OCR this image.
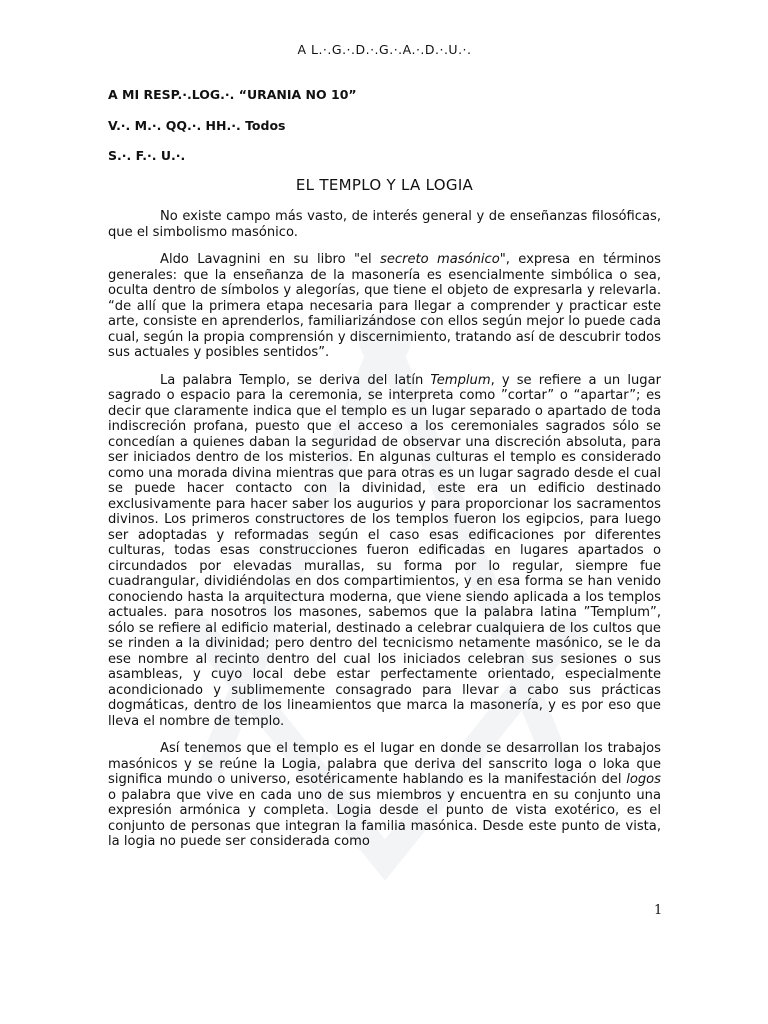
A L.·.G.·.D.·.G.·.A.·.D.·.U.·.
A MI RESP.·.LOG.·. “URANIA NO 10”
V.·. M.·. QQ.·. HH.·. Todos
S.·. F.·. U.·.
EL TEMPLO Y LA LOGIA

No existe campo más vasto, de interés general y de enseñanzas filosóficas, que el simbolismo masónico.

Aldo Lavagnini en su libro "el secreto masónico", expresa en términos generales: que la enseñanza de la masonería es esencialmente simbólica o sea, oculta dentro de símbolos y alegorías, que tiene el objeto de expresarla y relevarla. “de allí que la primera etapa necesaria para llegar a comprender y practicar este arte, consiste en aprenderlos, familiarizándose con ellos según mejor lo puede cada cual, según la propia comprensión y discernimiento, tratando así de descubrir todos sus actuales y posibles sentidos”.

La palabra Templo, se deriva del latín Templum, y se refiere a un lugar sagrado o espacio para la ceremonia, se interpreta como ”cortar” o “apartar”; es decir que claramente indica que el templo es un lugar separado o apartado de toda indiscreción profana, puesto que el acceso a los ceremoniales sagrados sólo se concedían a quienes daban la seguridad de observar una discreción absoluta, para ser iniciados dentro de los misterios. En algunas culturas el templo es considerado como una morada divina mientras que para otras es un lugar sagrado desde el cual se puede hacer contacto con la divinidad, este era un edificio destinado exclusivamente para hacer saber los augurios y para proporcionar los sacramentos divinos. Los primeros constructores de los templos fueron los egipcios, para luego ser adoptadas y reformadas según el caso esas edificaciones por diferentes culturas, todas esas construcciones fueron edificadas en lugares apartados o circundados por elevadas murallas, su forma por lo regular, siempre fue cuadrangular, dividiéndolas en dos compartimientos, y en esa forma se han venido conociendo hasta la arquitectura moderna, que viene siendo aplicada a los templos actuales. para nosotros los masones, sabemos que la palabra latina ”Templum”, sólo se refiere al edificio material, destinado a celebrar cualquiera de los cultos que se rinden a la divinidad; pero dentro del tecnicismo netamente masónico, se le da ese nombre al recinto dentro del cual los iniciados celebran sus sesiones o sus asambleas, y cuyo local debe estar perfectamente orientado, especialmente acondicionado y sublimemente consagrado para llevar a cabo sus prácticas dogmáticas, dentro de los lineamientos que marca la masonería, y es por eso que lleva el nombre de templo.

Así tenemos que el templo es el lugar en donde se desarrollan los trabajos masónicos y se reúne la Logia, palabra que deriva del sanscrito loga o loka que significa mundo o universo, esotéricamente hablando es la manifestación del logos o palabra que vive en cada uno de sus miembros y encuentra en su conjunto una expresión armónica y completa. Logia desde el punto de vista exotérico, es el conjunto de personas que integran la familia masónica. Desde este punto de vista, la logia no puede ser considerada como

1
